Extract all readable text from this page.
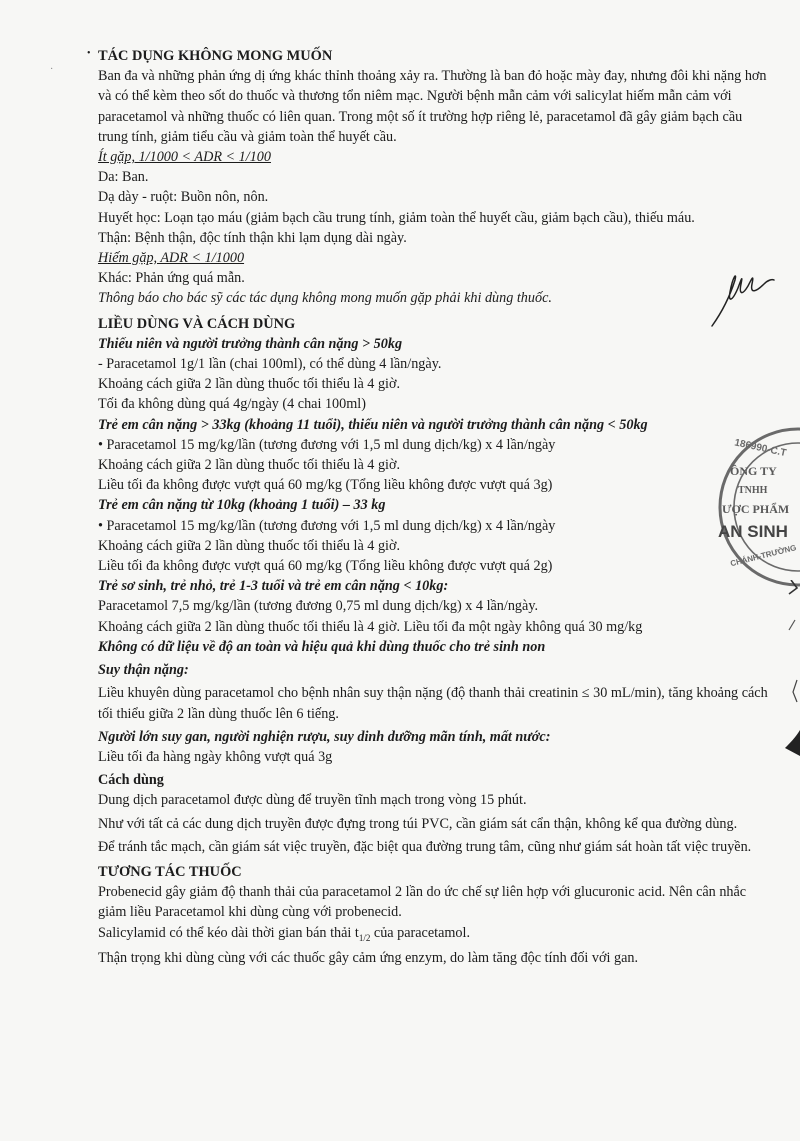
•
·

TÁC DỤNG KHÔNG MONG MUỐN

Ban đa và những phản ứng dị ứng khác thỉnh thoảng xảy ra. Thường là ban đỏ hoặc mày đay, nhưng đôi khi nặng hơn và có thể kèm theo sốt do thuốc và thương tổn niêm mạc. Người bệnh mẫn cảm với salicylat hiếm mẫn cảm với paracetamol và những thuốc có liên quan. Trong một số ít trường hợp riêng lẻ, paracetamol đã gây giảm bạch cầu trung tính, giảm tiểu cầu và giảm toàn thể huyết cầu.

Ít gặp, 1/1000 < ADR < 1/100

Da: Ban.

Dạ dày - ruột: Buồn nôn, nôn.

Huyết học: Loạn tạo máu (giảm bạch cầu trung tính, giảm toàn thể huyết cầu, giảm bạch cầu), thiếu máu.

Thận: Bệnh thận, độc tính thận khi lạm dụng dài ngày.

Hiếm gặp, ADR < 1/1000

Khác: Phản ứng quá mẫn.

Thông báo cho bác sỹ các tác dụng không mong muốn gặp phải khi dùng thuốc.

LIỀU DÙNG VÀ CÁCH DÙNG

Thiếu niên và người trưởng thành cân nặng > 50kg

- Paracetamol 1g/1 lần (chai 100ml), có thể dùng 4 lần/ngày.

Khoảng cách giữa 2 lần dùng thuốc tối thiểu là 4 giờ.

Tối đa không dùng quá 4g/ngày (4 chai 100ml)

Trẻ em cân nặng > 33kg (khoảng 11 tuổi), thiếu niên và người trưởng thành cân nặng < 50kg

• Paracetamol 15 mg/kg/lần (tương đương với 1,5 ml dung dịch/kg) x 4 lần/ngày

Khoảng cách giữa 2 lần dùng thuốc tối thiểu là 4 giờ.

Liều tối đa không được vượt quá 60 mg/kg (Tổng liều không được vượt quá 3g)

Trẻ em cân nặng từ 10kg (khoảng 1 tuổi) – 33 kg

• Paracetamol 15 mg/kg/lần (tương đương với 1,5 ml dung dịch/kg) x 4 lần/ngày

Khoảng cách giữa 2 lần dùng thuốc tối thiểu là 4 giờ.

Liều tối đa không được vượt quá 60 mg/kg (Tổng liều không được vượt quá 2g)

Trẻ sơ sinh, trẻ nhỏ, trẻ 1-3 tuổi và trẻ em cân nặng < 10kg:

Paracetamol 7,5 mg/kg/lần (tương đương 0,75 ml dung dịch/kg) x 4 lần/ngày.

Khoảng cách giữa 2 lần dùng thuốc tối thiểu là 4 giờ. Liều tối đa một ngày không quá 30 mg/kg

Không có dữ liệu về độ an toàn và hiệu quả khi dùng thuốc cho trẻ sinh non

Suy thận nặng:

Liều khuyên dùng paracetamol cho bệnh nhân suy thận nặng (độ thanh thải creatinin ≤ 30 mL/min), tăng khoảng cách tối thiểu giữa 2 lần dùng thuốc lên 6 tiếng.

Người lớn suy gan, người nghiện rượu, suy dinh dưỡng mãn tính, mất nước:

Liều tối đa hàng ngày không vượt quá 3g

Cách dùng

Dung dịch paracetamol được dùng để truyền tĩnh mạch trong vòng 15 phút.

Như với tất cả các dung dịch truyền được đựng trong túi PVC, cần giám sát cẩn thận, không kể qua đường dùng.

Để tránh tắc mạch, cần giám sát việc truyền, đặc biệt qua đường trung tâm, cũng như giám sát hoàn tất việc truyền.

TƯƠNG TÁC THUỐC

Probenecid gây giảm độ thanh thải của paracetamol 2 lần do ức chế sự liên hợp với glucuronic acid. Nên cân nhắc giảm liều Paracetamol khi dùng cùng với probenecid.

Salicylamid có thể kéo dài thời gian bán thải $t_{1/2}$ của paracetamol.

Thận trọng khi dùng cùng với các thuốc gây cảm ứng enzym, do làm tăng độc tính đối với gan.

186990-C.T
ÔNG TY
TNHH
ƯỢC PHẨM
AN SINH
CHÁNH-TRƯỜNG
